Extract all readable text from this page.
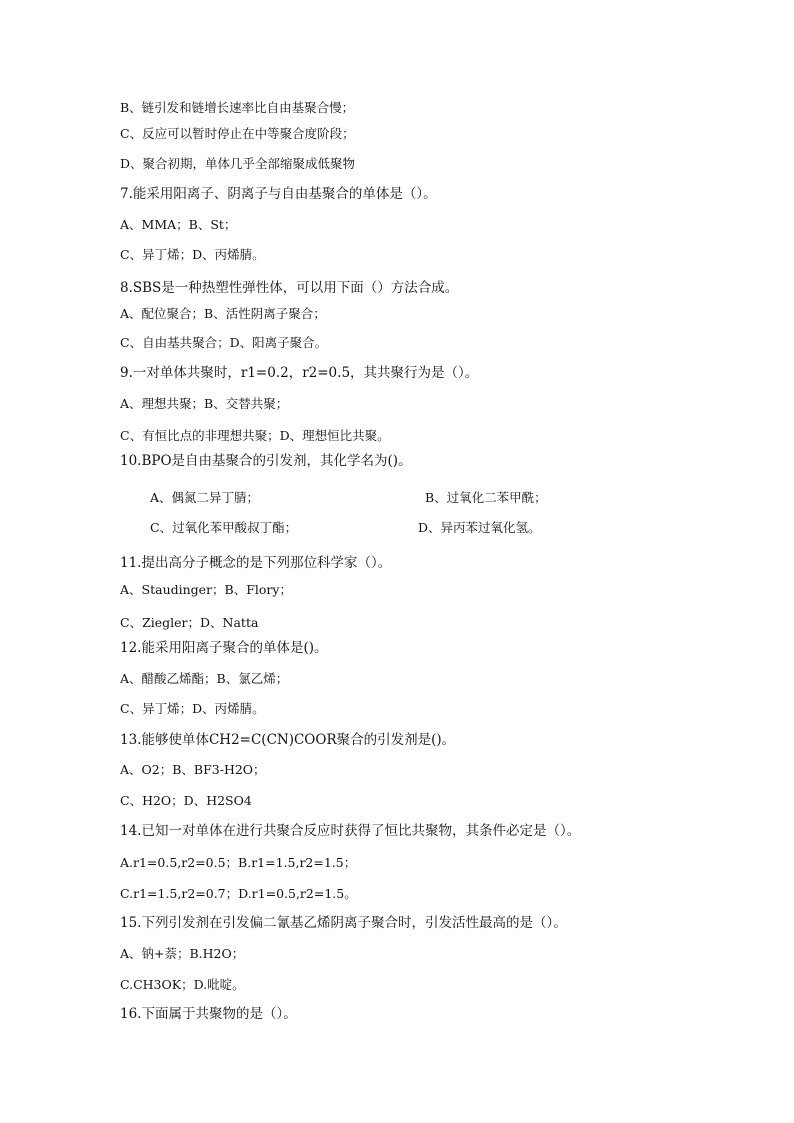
B、链引发和链增长速率比自由基聚合慢；
C、反应可以暂时停止在中等聚合度阶段；
D、聚合初期，单体几乎全部缩聚成低聚物
7.能采用阳离子、阴离子与自由基聚合的单体是（）。
A、MMA；B、St；
C、异丁烯；D、丙烯腈。
8.SBS是一种热塑性弹性体，可以用下面（）方法合成。
A、配位聚合；B、活性阴离子聚合；
C、自由基共聚合；D、阳离子聚合。
9.一对单体共聚时，r1=0.2，r2=0.5，其共聚行为是（）。
A、理想共聚；B、交替共聚；
C、有恒比点的非理想共聚；D、理想恒比共聚。
10.BPO是自由基聚合的引发剂，其化学名为()。
A、偶氮二异丁腈；	B、过氧化二苯甲酰；
C、过氧化苯甲酸叔丁酯；	D、异丙苯过氧化氢。
11.提出高分子概念的是下列那位科学家（）。
A、Staudinger；B、Flory；
C、Ziegler；D、Natta
12.能采用阳离子聚合的单体是()。
A、醋酸乙烯酯；B、氯乙烯；
C、异丁烯；D、丙烯腈。
13.能够使单体CH2=C(CN)COOR聚合的引发剂是()。
A、O2；B、BF3-H2O；
C、H2O；D、H2SO4
14.已知一对单体在进行共聚合反应时获得了恒比共聚物，其条件必定是（）。
A.r1=0.5,r2=0.5；B.r1=1.5,r2=1.5；
C.r1=1.5,r2=0.7；D.r1=0.5,r2=1.5。
15.下列引发剂在引发偏二氰基乙烯阴离子聚合时，引发活性最高的是（）。
A、钠+萘；B.H2O；
C.CH3OK；D.吡啶。
16.下面属于共聚物的是（）。
